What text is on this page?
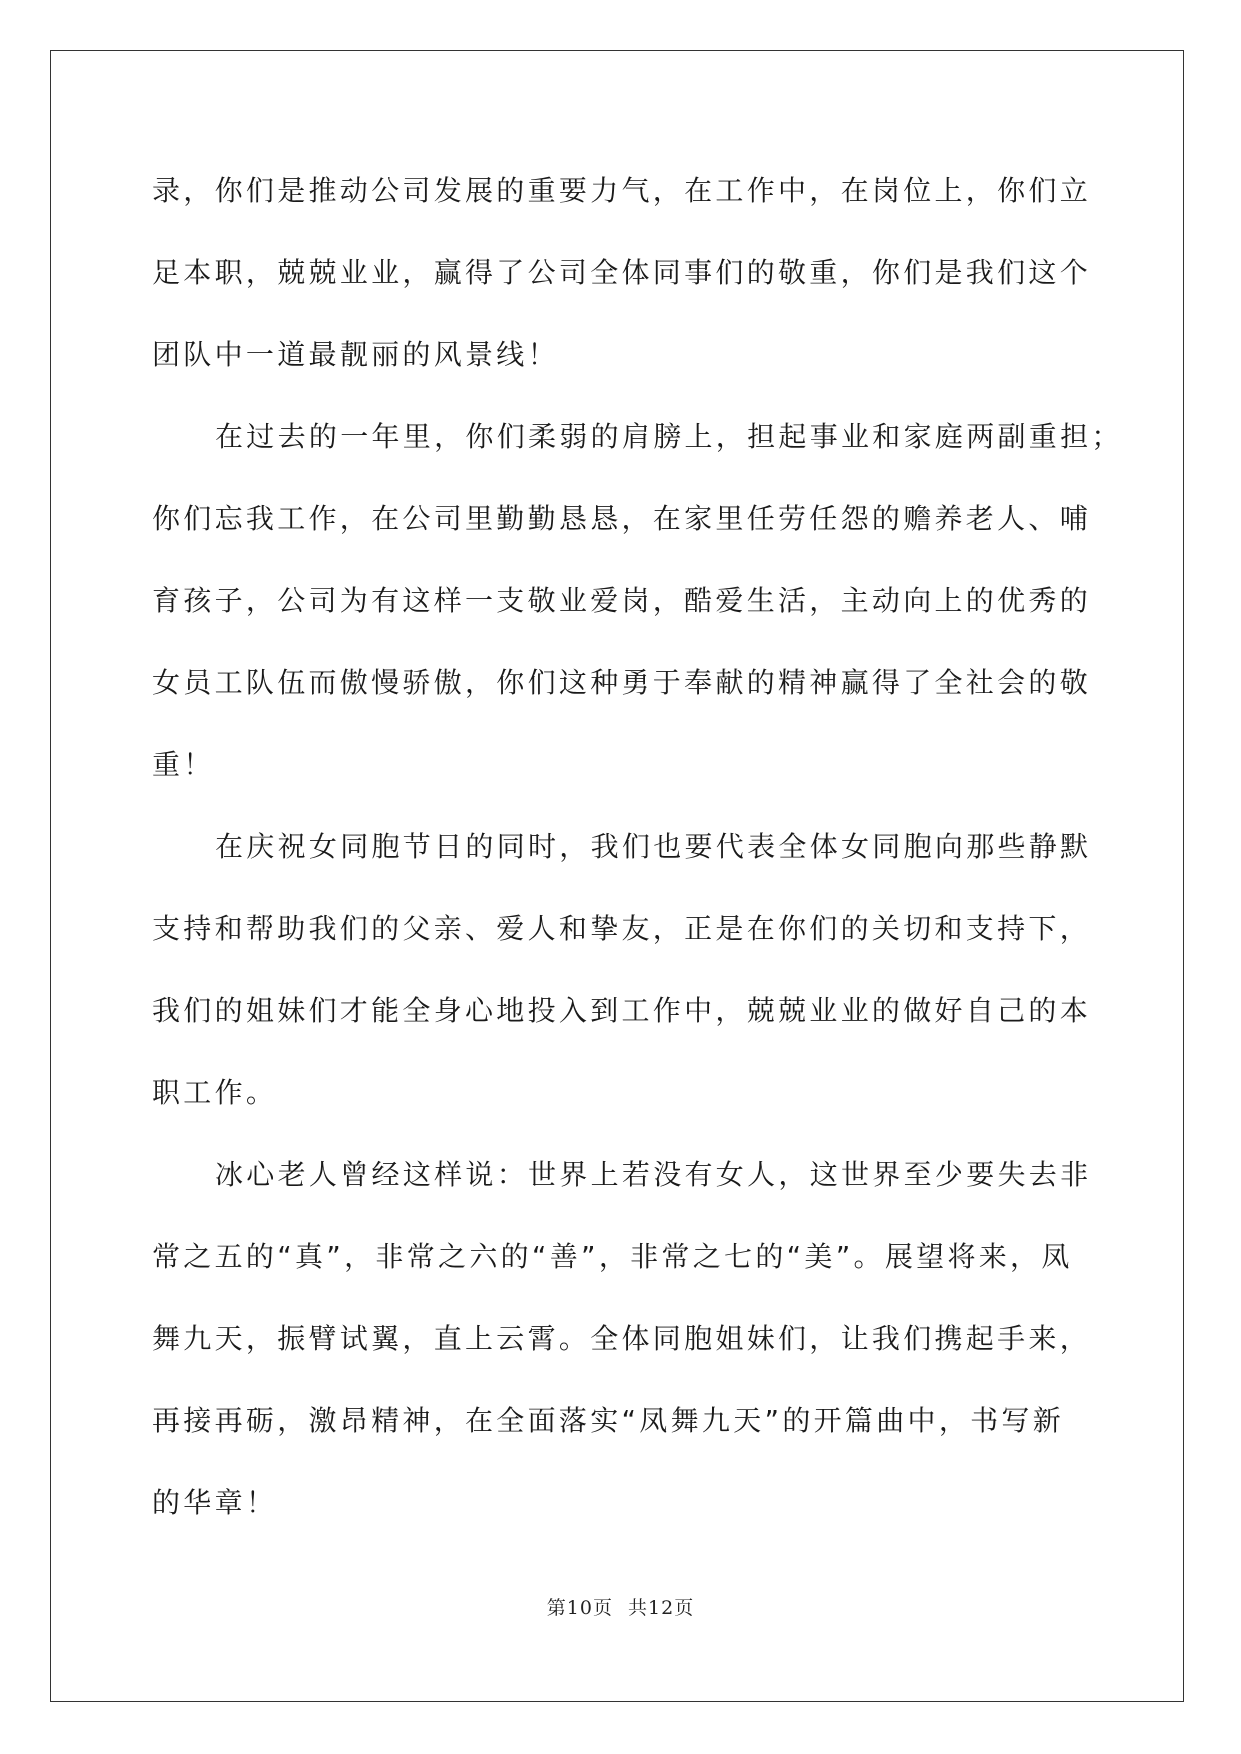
录，你们是推动公司发展的重要力气，在工作中，在岗位上，你们立
足本职，兢兢业业，赢得了公司全体同事们的敬重，你们是我们这个
团队中一道最靓丽的风景线！
在过去的一年里，你们柔弱的肩膀上，担起事业和家庭两副重担；
你们忘我工作，在公司里勤勤恳恳，在家里任劳任怨的赡养老人、哺
育孩子，公司为有这样一支敬业爱岗，酷爱生活，主动向上的优秀的
女员工队伍而傲慢骄傲，你们这种勇于奉献的精神赢得了全社会的敬
重！
在庆祝女同胞节日的同时，我们也要代表全体女同胞向那些静默
支持和帮助我们的父亲、爱人和挚友，正是在你们的关切和支持下，
我们的姐妹们才能全身心地投入到工作中，兢兢业业的做好自己的本
职工作。
冰心老人曾经这样说：世界上若没有女人，这世界至少要失去非
常之五的“真”，非常之六的“善”，非常之七的“美”。展望将来，凤
舞九天，振臂试翼，直上云霄。全体同胞姐妹们，让我们携起手来，
再接再砺，激昂精神，在全面落实“凤舞九天”的开篇曲中，书写新
的华章！
第10页 共12页
